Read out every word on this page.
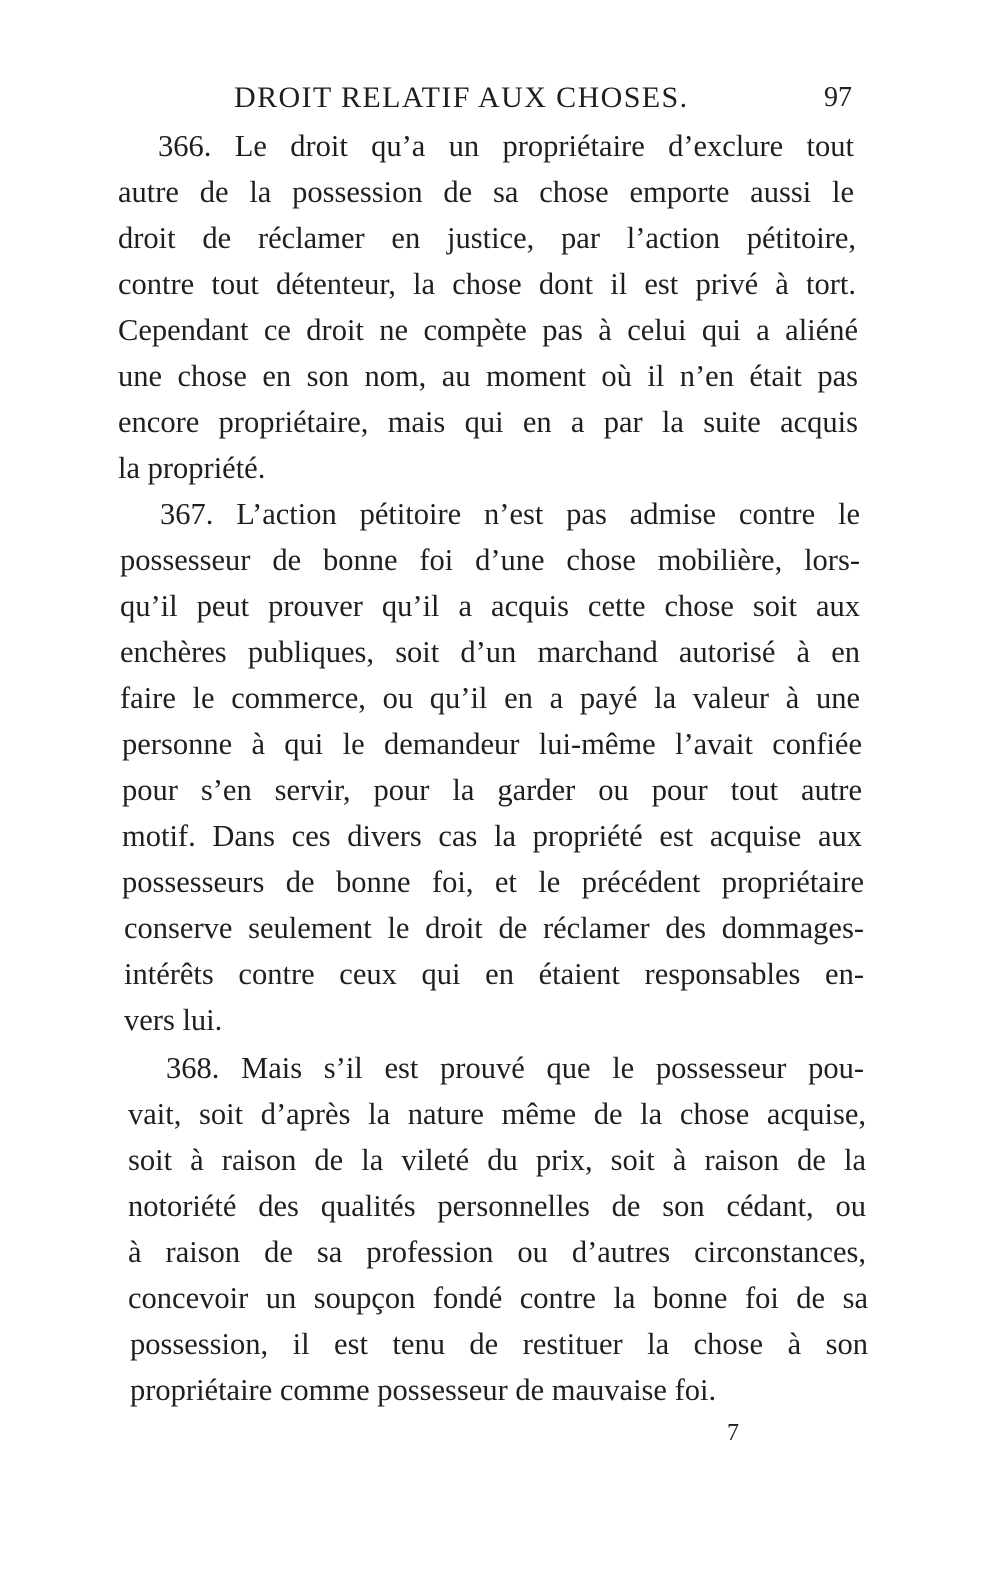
DROIT RELATIF AUX CHOSES.	97
366. Le droit qu’a un propriétaire d’exclure tout
autre de la possession de sa chose emporte aussi le
droit de réclamer en justice, par l’action pétitoire,
contre tout détenteur, la chose dont il est privé à tort.
Cependant ce droit ne compète pas à celui qui a aliéné
une chose en son nom, au moment où il n’en était pas
encore propriétaire, mais qui en a par la suite acquis
la propriété.
367. L’action pétitoire n’est pas admise contre le
possesseur de bonne foi d’une chose mobilière, lors-
qu’il peut prouver qu’il a acquis cette chose soit aux
enchères publiques, soit d’un marchand autorisé à en
faire le commerce, ou qu’il en a payé la valeur à une
personne à qui le demandeur lui-même l’avait confiée
pour s’en servir, pour la garder ou pour tout autre
motif. Dans ces divers cas la propriété est acquise aux
possesseurs de bonne foi, et le précédent propriétaire
conserve seulement le droit de réclamer des dommages-
intérêts contre ceux qui en étaient responsables en-
vers lui.
368. Mais s’il est prouvé que le possesseur pou-
vait, soit d’après la nature même de la chose acquise,
soit à raison de la vileté du prix, soit à raison de la
notoriété des qualités personnelles de son cédant, ou
à raison de sa profession ou d’autres circonstances,
concevoir un soupçon fondé contre la bonne foi de sa
possession, il est tenu de restituer la chose à son
propriétaire comme possesseur de mauvaise foi.
7
